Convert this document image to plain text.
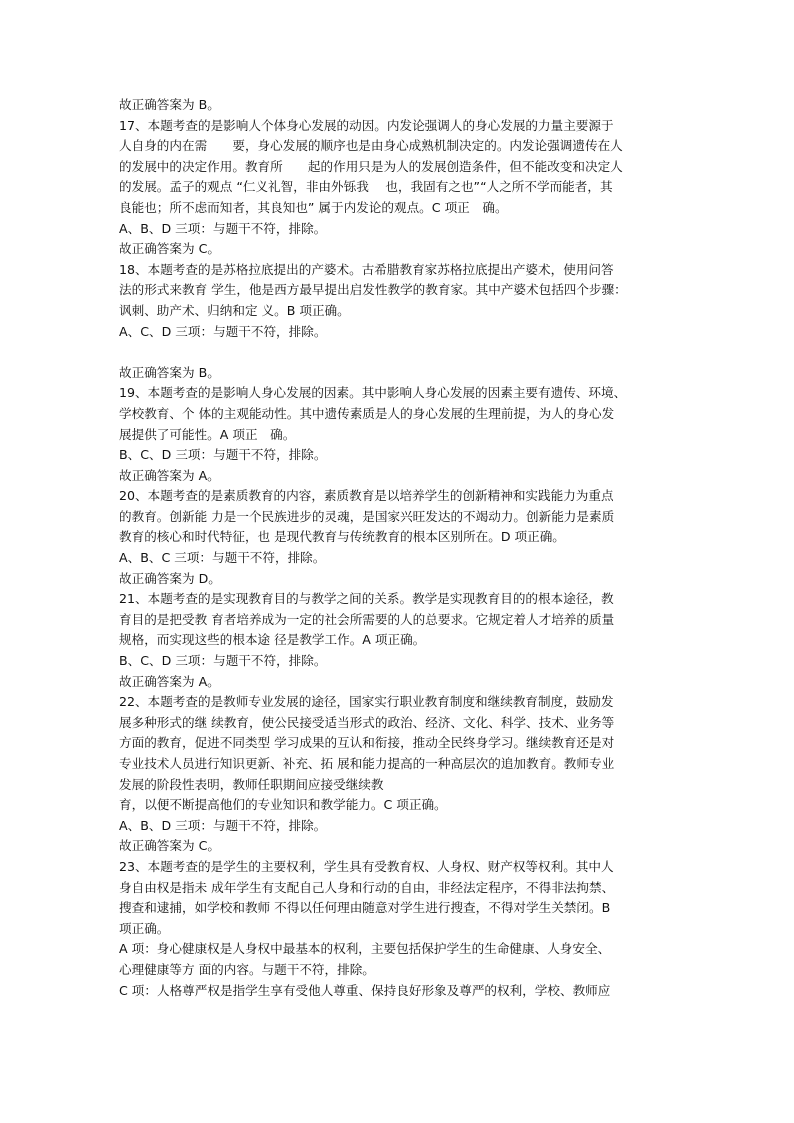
故正确答案为 B。

17、本题考查的是影响人个体身心发展的动因。内发论强调人的身心发展的力量主要源于

人自身的内在需　　要，身心发展的顺序也是由身心成熟机制决定的。内发论强调遗传在人

的发展中的决定作用。教育所　　起的作用只是为人的发展创造条件，但不能改变和决定人

的发展。孟子的观点 “仁义礼智，非由外铄我　 也，我固有之也”“人之所不学而能者，其

良能也；所不虑而知者，其良知也” 属于内发论的观点。C 项正　确。

A、B、D 三项：与题干不符，排除。

故正确答案为 C。

18、本题考查的是苏格拉底提出的产婆术。古希腊教育家苏格拉底提出产婆术，使用问答

法的形式来教育 学生，他是西方最早提出启发性教学的教育家。其中产婆术包括四个步骤：

讽刺、助产术、归纳和定 义。B 项正确。

A、C、D 三项：与题干不符，排除。

故正确答案为 B。

19、本题考查的是影响人身心发展的因素。其中影响人身心发展的因素主要有遗传、环境、

学校教育、个 体的主观能动性。其中遗传素质是人的身心发展的生理前提，为人的身心发

展提供了可能性。A 项正　确。

B、C、D 三项：与题干不符，排除。

故正确答案为 A。

20、本题考查的是素质教育的内容，素质教育是以培养学生的创新精神和实践能力为重点

的教育。创新能 力是一个民族进步的灵魂，是国家兴旺发达的不竭动力。创新能力是素质

教育的核心和时代特征，也 是现代教育与传统教育的根本区别所在。D 项正确。

A、B、C 三项：与题干不符，排除。

故正确答案为 D。

21、本题考查的是实现教育目的与教学之间的关系。教学是实现教育目的的根本途径，教

育目的是把受教 育者培养成为一定的社会所需要的人的总要求。它规定着人才培养的质量

规格，而实现这些的根本途 径是教学工作。A 项正确。

B、C、D 三项：与题干不符，排除。

故正确答案为 A。

22、本题考查的是教师专业发展的途径，国家实行职业教育制度和继续教育制度，鼓励发

展多种形式的继 续教育，使公民接受适当形式的政治、经济、文化、科学、技术、业务等

方面的教育，促进不同类型 学习成果的互认和衔接，推动全民终身学习。继续教育还是对

专业技术人员进行知识更新、补充、拓 展和能力提高的一种高层次的追加教育。教师专业

发展的阶段性表明，教师任职期间应接受继续教

育，以便不断提高他们的专业知识和教学能力。C 项正确。

A、B、D 三项：与题干不符，排除。

故正确答案为 C。

23、本题考查的是学生的主要权利，学生具有受教育权、人身权、财产权等权利。其中人

身自由权是指未 成年学生有支配自己人身和行动的自由，非经法定程序，不得非法拘禁、

搜查和逮捕，如学校和教师 不得以任何理由随意对学生进行搜查，不得对学生关禁闭。B

项正确。

A 项：身心健康权是人身权中最基本的权利，主要包括保护学生的生命健康、人身安全、

心理健康等方 面的内容。与题干不符，排除。

C 项：人格尊严权是指学生享有受他人尊重、保持良好形象及尊严的权利，学校、教师应
